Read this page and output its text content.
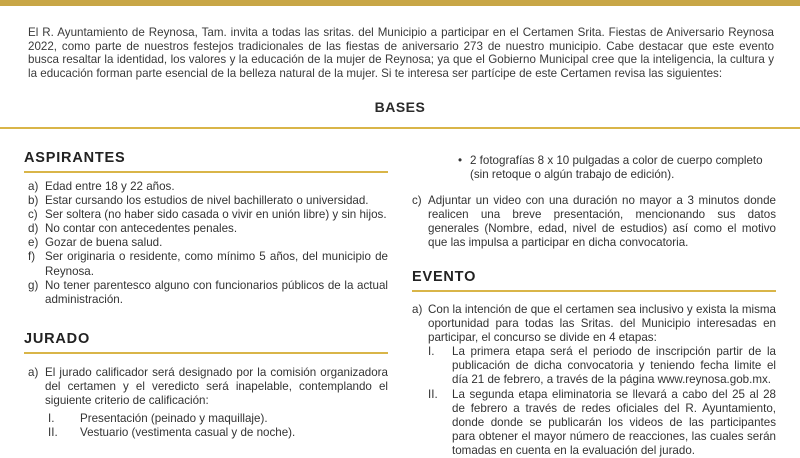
El R. Ayuntamiento de Reynosa, Tam. invita a todas las sritas. del Municipio a participar en el Certamen Srita. Fiestas de Aniversario Reynosa 2022, como parte de nuestros festejos tradicionales de las fiestas de aniversario 273 de nuestro municipio. Cabe destacar que este evento busca resaltar la identidad, los valores y la educación de la mujer de Reynosa; ya que el Gobierno Municipal cree que la inteligencia, la cultura y la educación forman parte esencial de la belleza natural de la mujer. Si te interesa ser partícipe de este Certamen revisa las siguientes:

BASES
ASPIRANTES
a) Edad entre 18 y 22 años.
b) Estar cursando los estudios de nivel bachillerato o universidad.
c) Ser soltera (no haber sido casada o vivir en unión libre) y sin hijos.
d) No contar con antecedentes penales.
e) Gozar de buena salud.
f) Ser originaria o residente, como mínimo 5 años, del municipio de Reynosa.
g) No tener parentesco alguno con funcionarios públicos de la actual administración.
JURADO
a) El jurado calificador será designado por la comisión organizadora del certamen y el veredicto será inapelable, contemplando el siguiente criterio de calificación:
I.	Presentación (peinado y maquillaje).
II.	Vestuario (vestimenta casual y de noche).
• 2 fotografías 8 x 10 pulgadas a color de cuerpo completo (sin retoque o algún trabajo de edición).
c) Adjuntar un video con una duración no mayor a 3 minutos donde realicen una breve presentación, mencionando sus datos generales (Nombre, edad, nivel de estudios) así como el motivo que las impulsa a participar en dicha convocatoria.
EVENTO
a) Con la intención de que el certamen sea inclusivo y exista la misma oportunidad para todas las Sritas. del Municipio interesadas en participar, el concurso se divide en 4 etapas:
I.	La primera etapa será el periodo de inscripción partir de la publicación de dicha convocatoria y teniendo fecha limite el día 21 de febrero, a través de la página www.reynosa.gob.mx.
II.	La segunda etapa eliminatoria se llevará a cabo del 25 al 28 de febrero a través de redes oficiales del R. Ayuntamiento, donde donde se publicarán los videos de las participantes para obtener el mayor número de reacciones, las cuales serán tomadas en cuenta en la evaluación del jurado.
